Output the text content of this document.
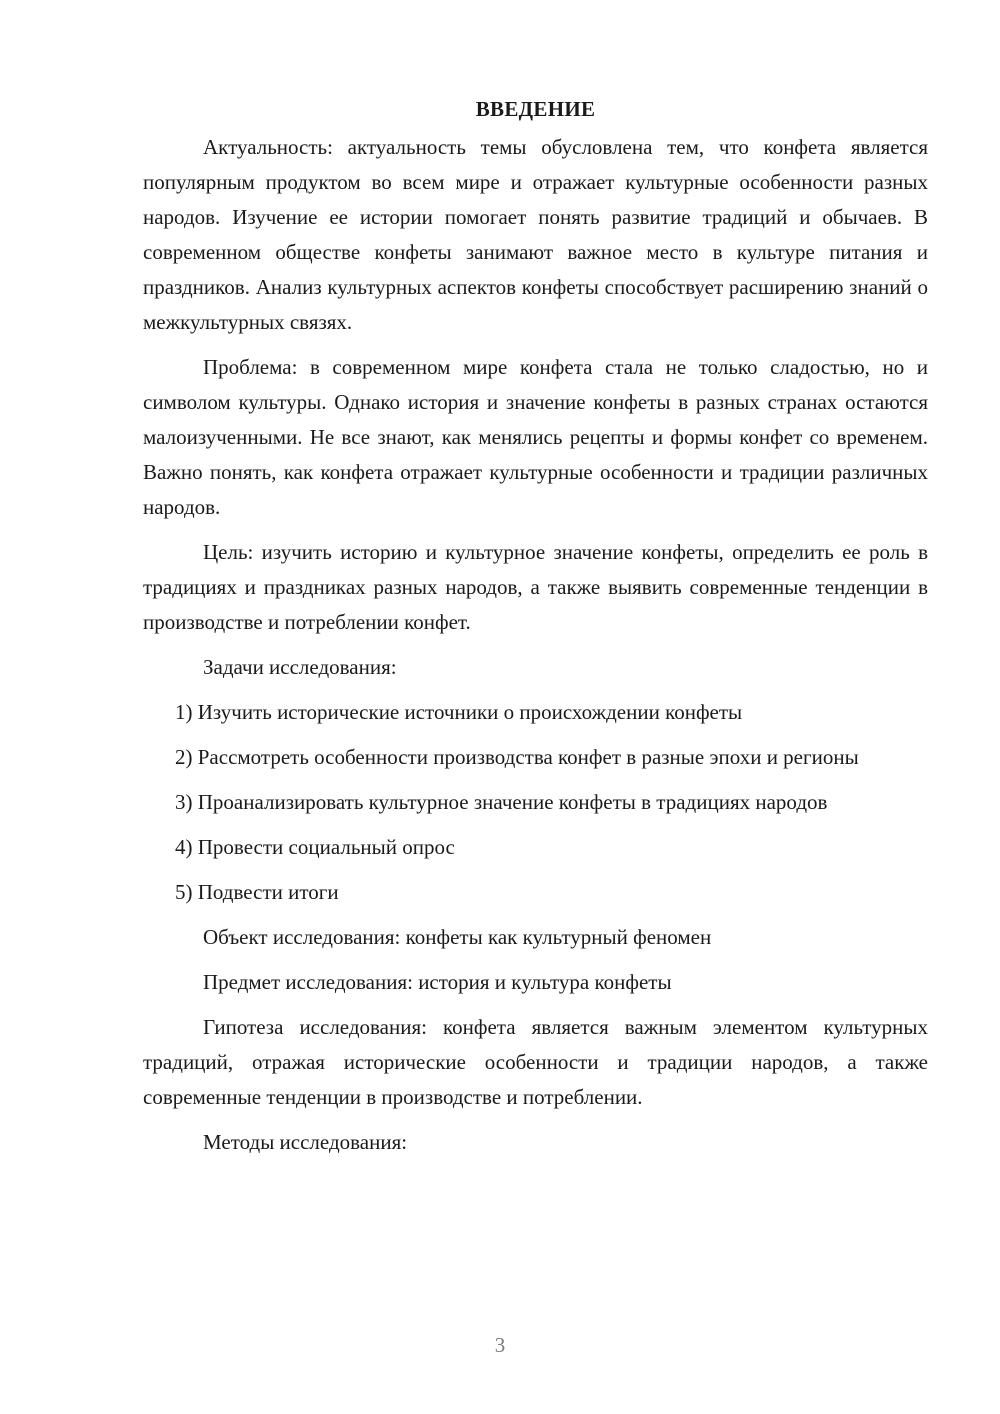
ВВЕДЕНИЕ

Актуальность: актуальность темы обусловлена тем, что конфета является популярным продуктом во всем мире и отражает культурные особенности разных народов. Изучение ее истории помогает понять развитие традиций и обычаев. В современном обществе конфеты занимают важное место в культуре питания и праздников. Анализ культурных аспектов конфеты способствует расширению знаний о межкультурных связях.

Проблема: в современном мире конфета стала не только сладостью, но и символом культуры. Однако история и значение конфеты в разных странах остаются малоизученными. Не все знают, как менялись рецепты и формы конфет со временем. Важно понять, как конфета отражает культурные особенности и традиции различных народов.

Цель: изучить историю и культурное значение конфеты, определить ее роль в традициях и праздниках разных народов, а также выявить современные тенденции в производстве и потреблении конфет.

Задачи исследования:

1) Изучить исторические источники о происхождении конфеты

2) Рассмотреть особенности производства конфет в разные эпохи и регионы

3) Проанализировать культурное значение конфеты в традициях народов

4) Провести социальный опрос

5) Подвести итоги

Объект исследования: конфеты как культурный феномен

Предмет исследования: история и культура конфеты

Гипотеза исследования: конфета является важным элементом культурных традиций, отражая исторические особенности и традиции народов, а также современные тенденции в производстве и потреблении.

Методы исследования:

3
